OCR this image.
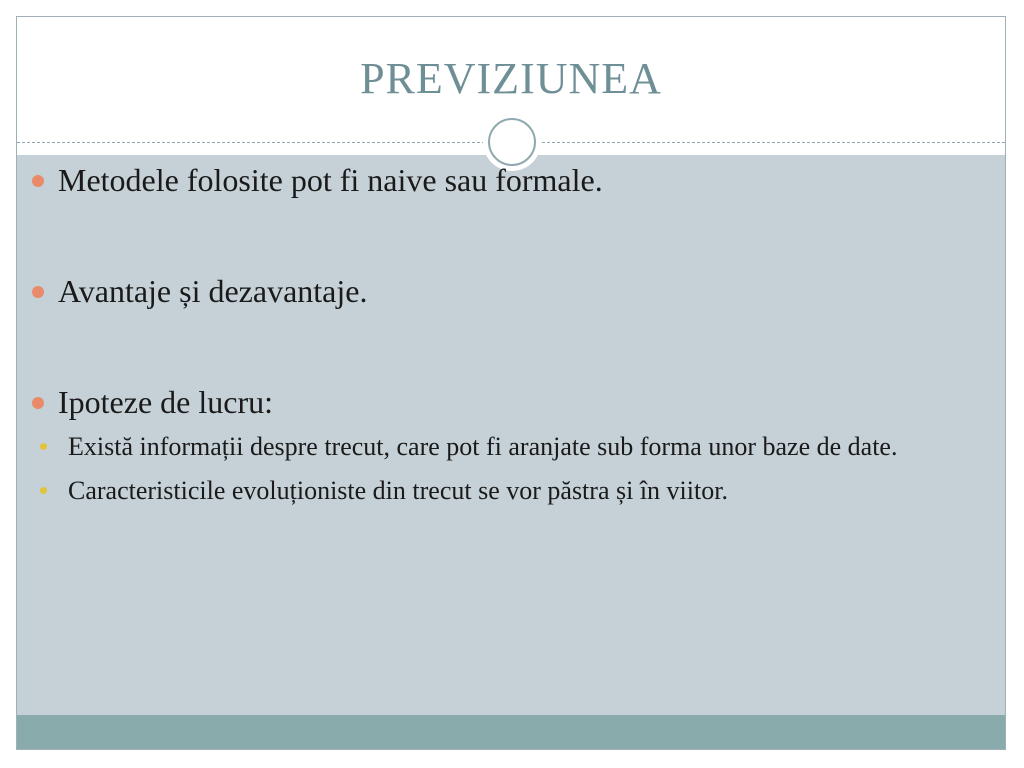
PREVIZIUNEA
Metodele folosite pot fi naive sau formale.
Avantaje și dezavantaje.
Ipoteze de lucru:
Există informații despre trecut, care pot fi aranjate sub forma unor baze de date.
Caracteristicile evoluționiste din trecut se vor păstra și în viitor.
